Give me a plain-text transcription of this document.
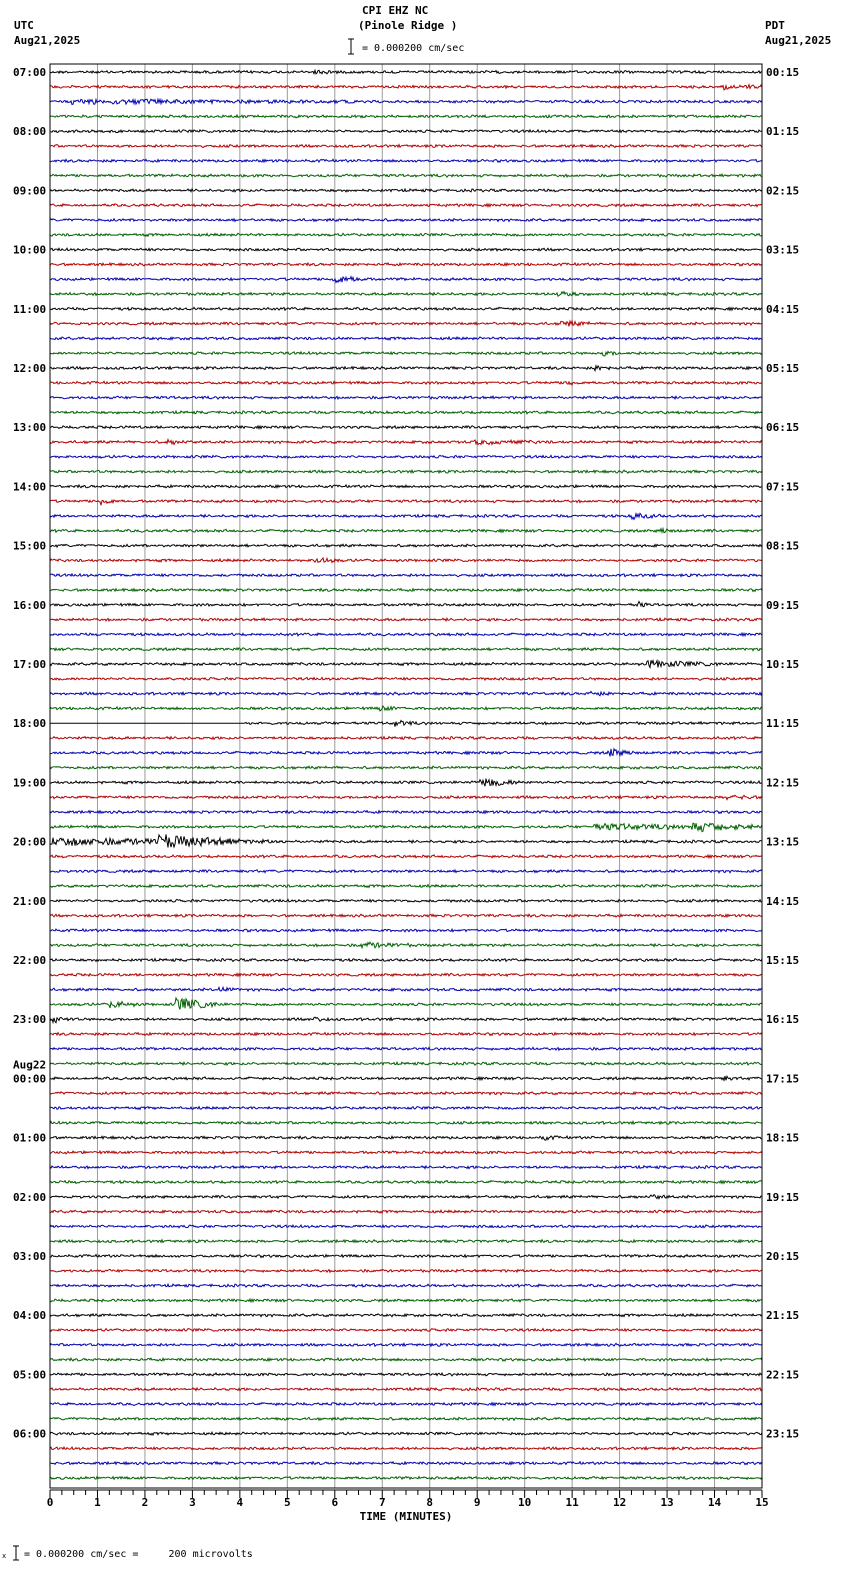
CPI EHZ NC
(Pinole Ridge )
UTC
Aug21,2025
PDT
Aug21,2025
= 0.000200 cm/sec
0	1	2	3	4	5	6	7	8	9	10	11	12	13	14	15
TIME (MINUTES)
07:00
08:00
09:00
10:00
11:00
12:00
13:00
14:00
15:00
16:00
17:00
18:00
19:00
20:00
21:00
22:00
23:00
00:00
Aug22
01:00
02:00
03:00
04:00
05:00
06:00
00:15
01:15
02:15
03:15
04:15
05:15
06:15
07:15
08:15
09:15
10:15
11:15
12:15
13:15
14:15
15:15
16:15
17:15
18:15
19:15
20:15
21:15
22:15
23:15
x = 0.000200 cm/sec =     200 microvolts
